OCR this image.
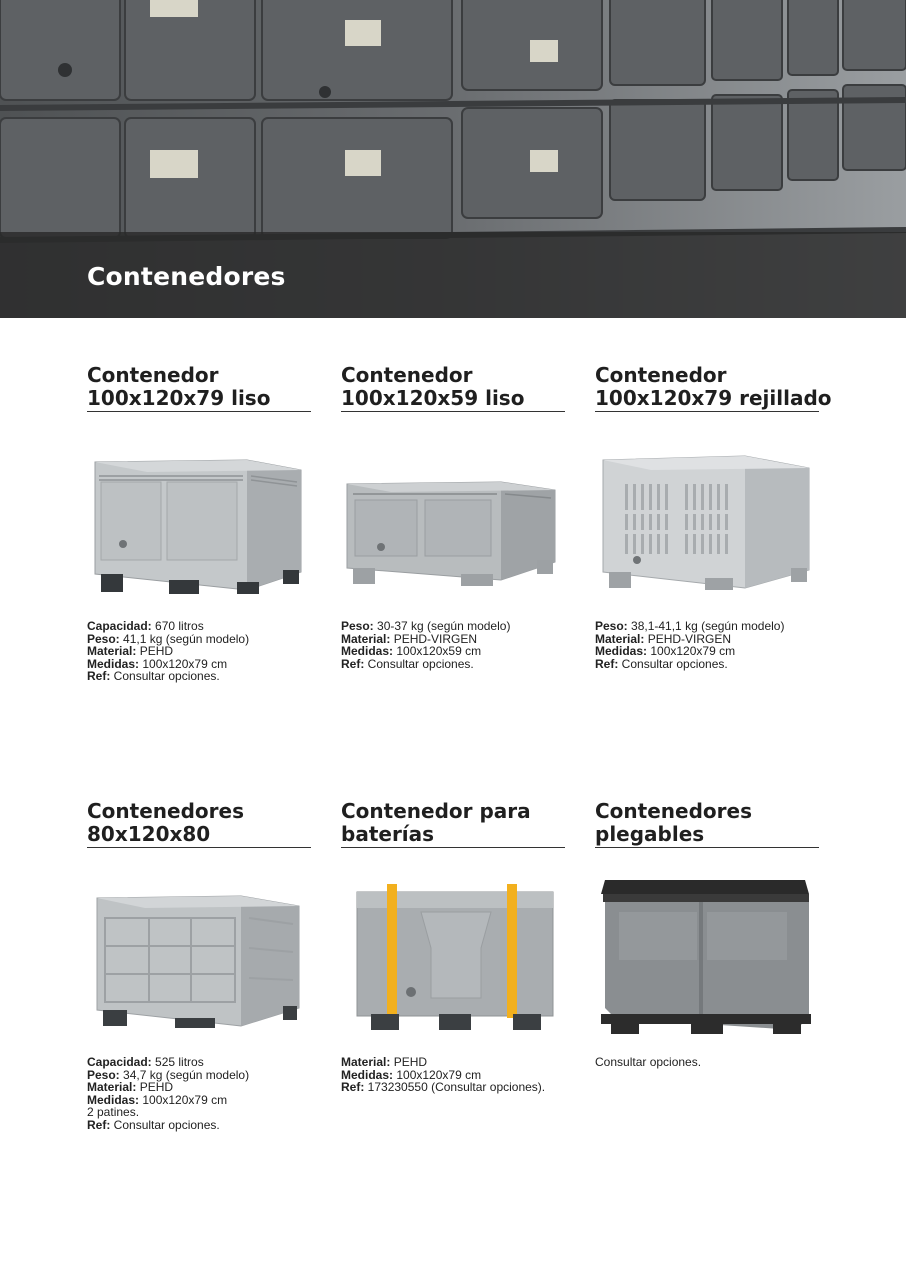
Contenedores
Contenedor
100x120x79 liso
Capacidad: 670 litros
Peso: 41,1 kg (según modelo)
Material: PEHD
Medidas: 100x120x79 cm
Ref: Consultar opciones.
Contenedor
100x120x59 liso
Peso: 30-37 kg (según modelo)
Material: PEHD-VIRGEN
Medidas: 100x120x59 cm
Ref: Consultar opciones.
Contenedor
100x120x79 rejillado
Peso: 38,1-41,1 kg (según modelo)
Material: PEHD-VIRGEN
Medidas: 100x120x79 cm
Ref: Consultar opciones.
Contenedores
80x120x80
Capacidad: 525 litros
Peso: 34,7 kg (según modelo)
Material: PEHD
Medidas: 100x120x79 cm
2 patines.
Ref: Consultar opciones.
Contenedor para
baterías
Material: PEHD
Medidas: 100x120x79 cm
Ref: 173230550 (Consultar opciones).
Contenedores
plegables
Consultar opciones.
